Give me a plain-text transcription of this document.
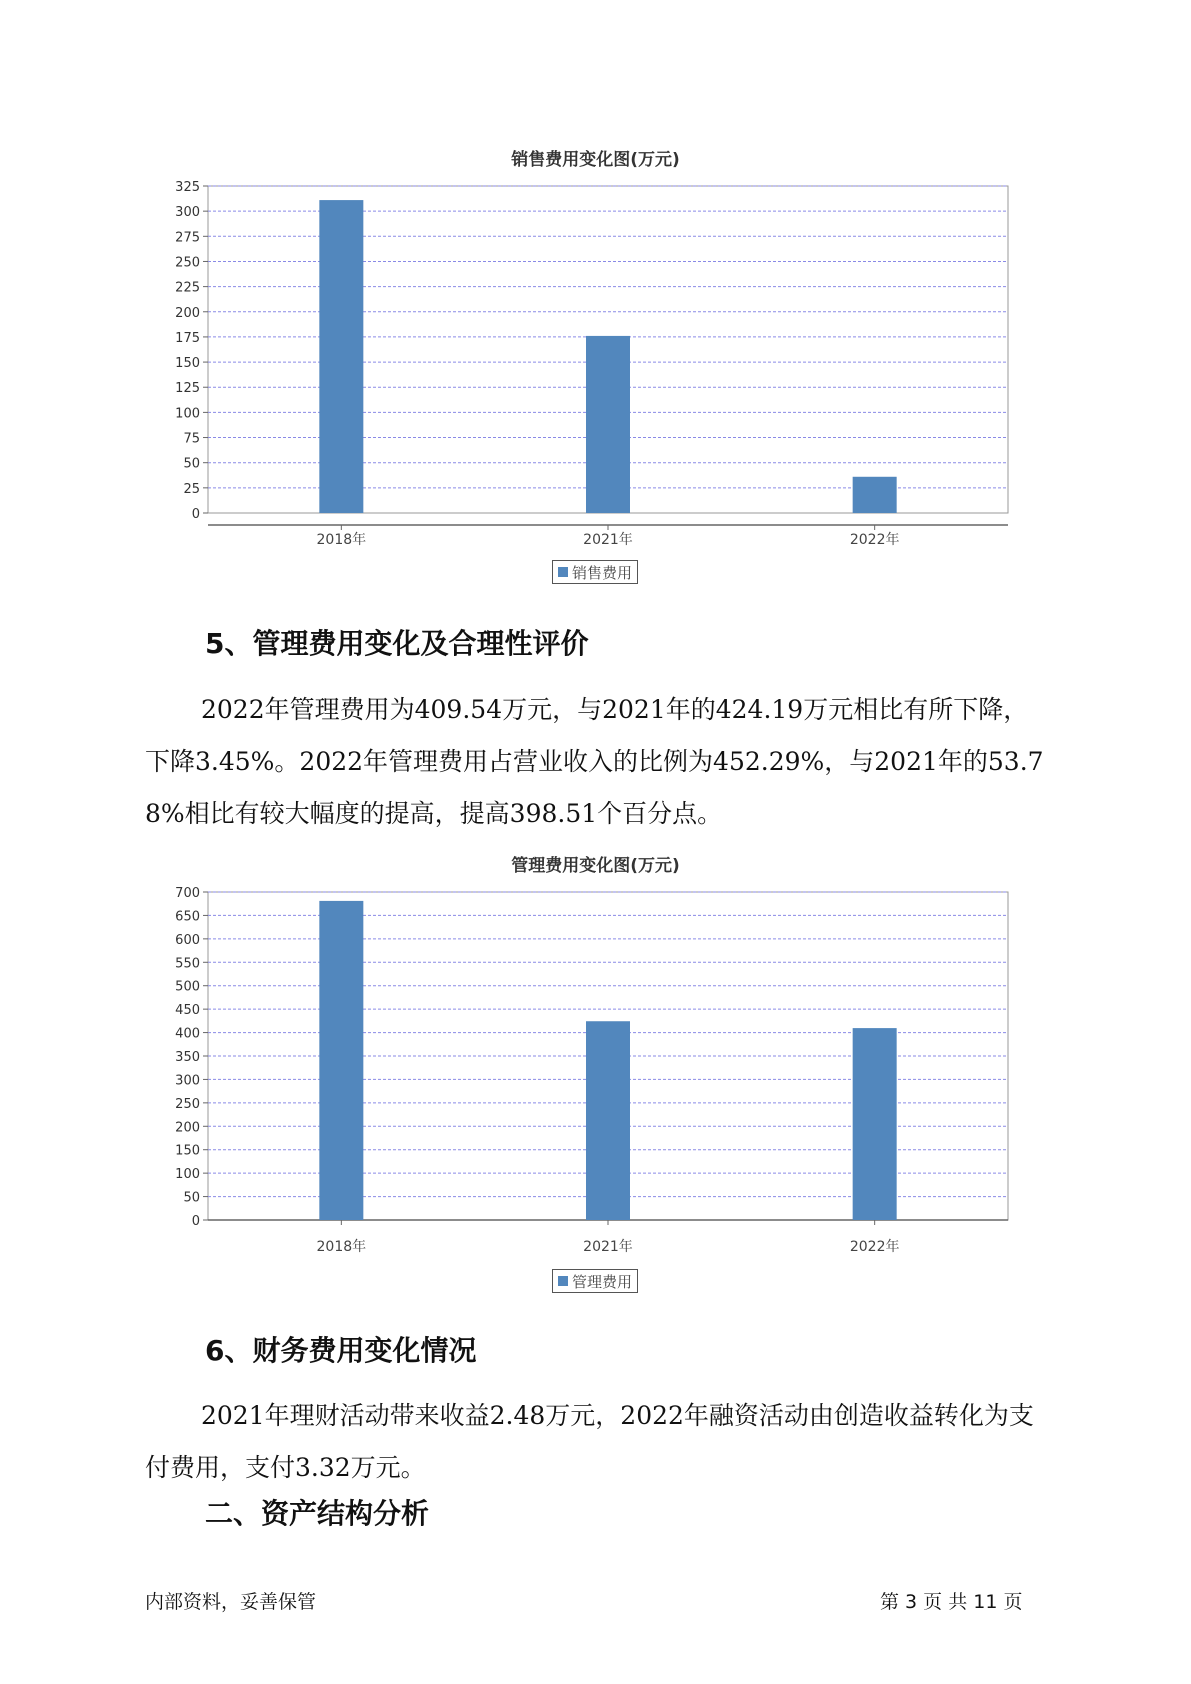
销售费用变化图(万元)
0
25
50
75
100
125
150
175
200
225
250
275
300
325
2018年	2021年	2022年
销售费用
5、管理费用变化及合理性评价

2022年管理费用为409.54万元，与2021年的424.19万元相比有所下降，下降3.45%。2022年管理费用占营业收入的比例为452.29%，与2021年的53.78%相比有较大幅度的提高，提高398.51个百分点。

管理费用变化图(万元)
0
50
100
150
200
250
300
350
400
450
500
550
600
650
700
2018年	2021年	2022年
管理费用
6、财务费用变化情况

2021年理财活动带来收益2.48万元，2022年融资活动由创造收益转化为支付费用，支付3.32万元。

二、资产结构分析
内部资料，妥善保管	第 3 页 共 11 页
